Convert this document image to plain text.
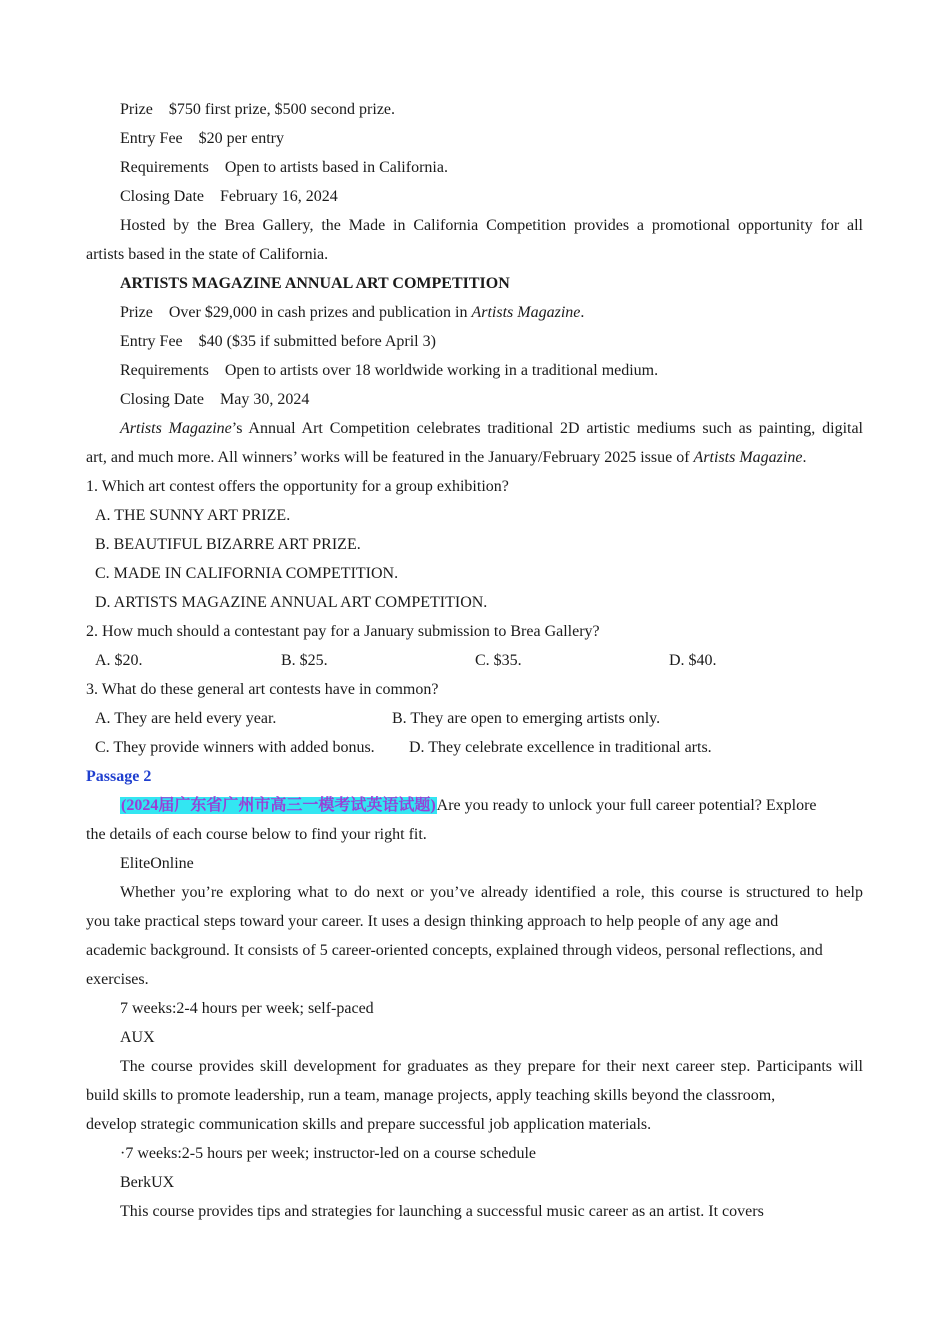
Prize $750 first prize, $500 second prize.
Entry Fee $20 per entry
Requirements Open to artists based in California.
Closing Date February 16, 2024
Hosted by the Brea Gallery, the Made in California Competition provides a promotional opportunity for all
artists based in the state of California.
ARTISTS MAGAZINE ANNUAL ART COMPETITION
Prize Over $29,000 in cash prizes and publication in Artists Magazine.
Entry Fee $40 ($35 if submitted before April 3)
Requirements Open to artists over 18 worldwide working in a traditional medium.
Closing Date May 30, 2024
Artists Magazine’s Annual Art Competition celebrates traditional 2D artistic mediums such as painting, digital
art, and much more. All winners’ works will be featured in the January/February 2025 issue of Artists Magazine.
1. Which art contest offers the opportunity for a group exhibition?
A. THE SUNNY ART PRIZE.
B. BEAUTIFUL BIZARRE ART PRIZE.
C. MADE IN CALIFORNIA COMPETITION.
D. ARTISTS MAGAZINE ANNUAL ART COMPETITION.
2. How much should a contestant pay for a January submission to Brea Gallery?
A. $20.	B. $25.	C. $35.	D. $40.
3. What do these general art contests have in common?
A. They are held every year.	B. They are open to emerging artists only.
C. They provide winners with added bonus. D. They celebrate excellence in traditional arts.
Passage 2
(2024届广东省广州市高三一模考试英语试题)Are you ready to unlock your full career potential? Explore
the details of each course below to find your right fit.
EliteOnline
Whether you’re exploring what to do next or you’ve already identified a role, this course is structured to help
you take practical steps toward your career. It uses a design thinking approach to help people of any age and
academic background. It consists of 5 career-oriented concepts, explained through videos, personal reflections, and
exercises.
7 weeks:2-4 hours per week; self-paced
AUX
The course provides skill development for graduates as they prepare for their next career step. Participants will
build skills to promote leadership, run a team, manage projects, apply teaching skills beyond the classroom,
develop strategic communication skills and prepare successful job application materials.
·7 weeks:2-5 hours per week; instructor-led on a course schedule
BerkUX
This course provides tips and strategies for launching a successful music career as an artist. It covers
